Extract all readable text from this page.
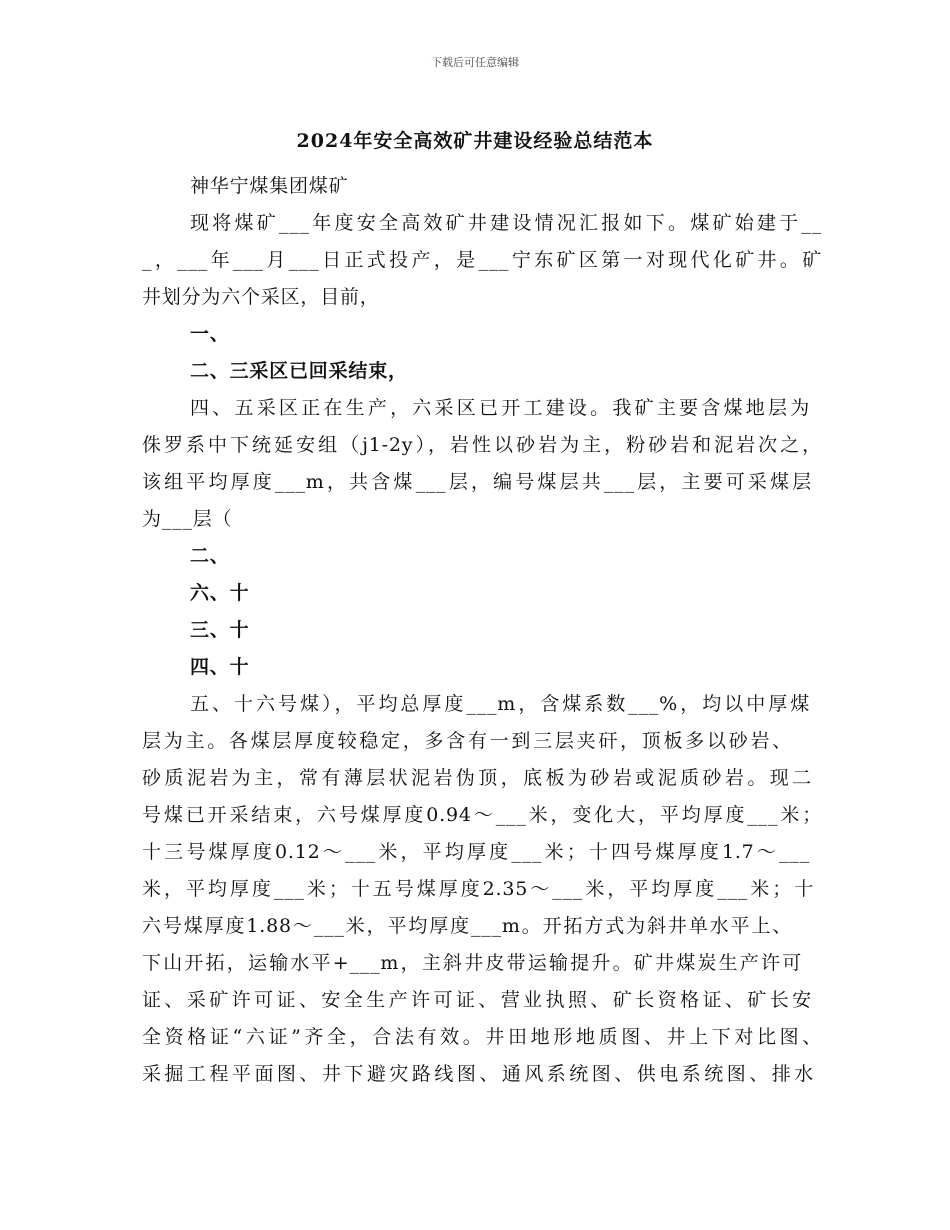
下载后可任意编辑
2024年安全高效矿井建设经验总结范本
神华宁煤集团煤矿
现将煤矿___年度安全高效矿井建设情况汇报如下。煤矿始建于__
_，___年___月___日正式投产，是___宁东矿区第一对现代化矿井。矿
井划分为六个采区，目前，
一、
二、三采区已回采结束，
四、五采区正在生产，六采区已开工建设。我矿主要含煤地层为
侏罗系中下统延安组（j1-2y），岩性以砂岩为主，粉砂岩和泥岩次之，
该组平均厚度___m，共含煤___层，编号煤层共___层，主要可采煤层
为___层（
二、
六、十
三、十
四、十
五、十六号煤），平均总厚度___m，含煤系数___%，均以中厚煤
层为主。各煤层厚度较稳定，多含有一到三层夹矸，顶板多以砂岩、
砂质泥岩为主，常有薄层状泥岩伪顶，底板为砂岩或泥质砂岩。现二
号煤已开采结束，六号煤厚度0.94～___米，变化大，平均厚度___米；
十三号煤厚度0.12～___米，平均厚度___米；十四号煤厚度1.7～___
米，平均厚度___米；十五号煤厚度2.35～___米，平均厚度___米；十
六号煤厚度1.88～___米，平均厚度___m。开拓方式为斜井单水平上、
下山开拓，运输水平+___m，主斜井皮带运输提升。矿井煤炭生产许可
证、采矿许可证、安全生产许可证、营业执照、矿长资格证、矿长安
全资格证“六证”齐全，合法有效。井田地形地质图、井上下对比图、
采掘工程平面图、井下避灾路线图、通风系统图、供电系统图、排水
